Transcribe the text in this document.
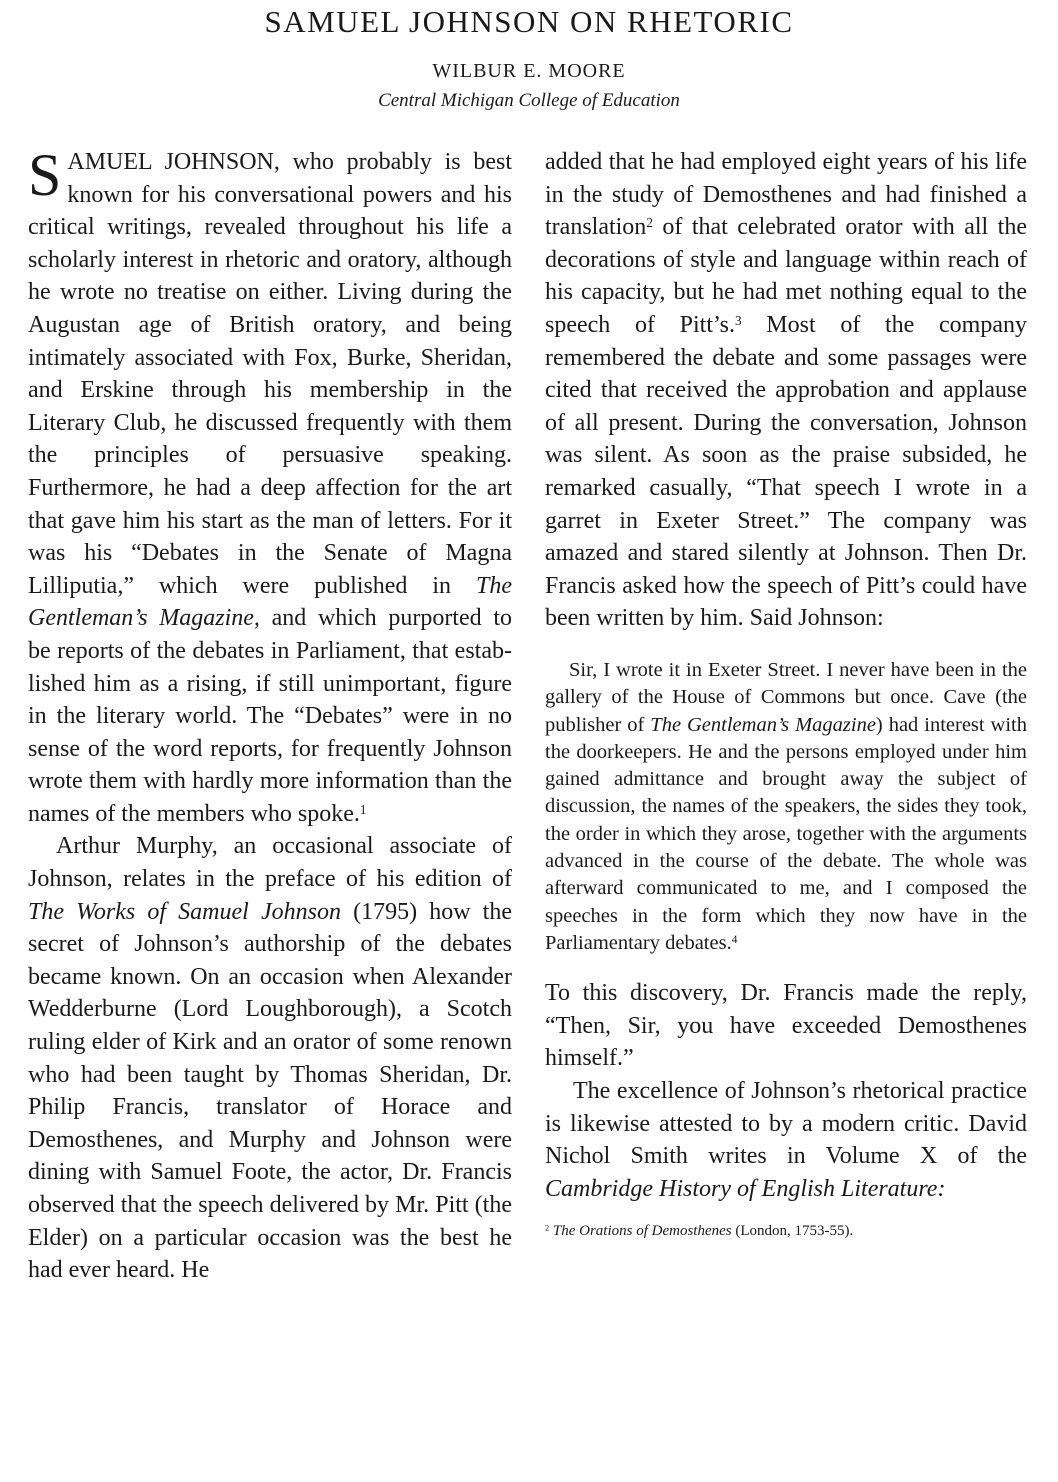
SAMUEL JOHNSON ON RHETORIC
WILBUR E. MOORE
Central Michigan College of Education

SAMUEL JOHNSON, who probably is best known for his conversational powers and his critical writings, revealed throughout his life a scholarly interest in rhetoric and oratory, although he wrote no treatise on either. Living during the Augustan age of British oratory, and being intimately associated with Fox, Burke, Sheridan, and Erskine through his membership in the Literary Club, he discussed frequently with them the principles of persuasive speaking. Furthermore, he had a deep affection for the art that gave him his start as the man of letters. For it was his “Debates in the Senate of Magna Lilliputia,” which were published in The Gentleman’s Magazine, and which purported to be reports of the debates in Parliament, that established him as a rising, if still unimportant, figure in the literary world. The “Debates” were in no sense of the word reports, for frequently Johnson wrote them with hardly more information than the names of the members who spoke.$^1$

Arthur Murphy, an occasional associate of Johnson, relates in the preface of his edition of The Works of Samuel Johnson (1795) how the secret of Johnson’s authorship of the debates became known. On an occasion when Alexander Wedderburne (Lord Loughborough), a Scotch ruling elder of Kirk and an orator of some renown who had been taught by Thomas Sheridan, Dr. Philip Francis, translator of Horace and Demosthenes, and Murphy and Johnson were dining with Samuel Foote, the actor, Dr. Francis observed that the speech delivered by Mr. Pitt (the Elder) on a particular occasion was the best he had ever heard. He

added that he had employed eight years of his life in the study of Demosthenes and had finished a translation$^2$ of that celebrated orator with all the decorations of style and language within reach of his capacity, but he had met nothing equal to the speech of Pitt’s.$^3$ Most of the company remembered the debate and some passages were cited that received the approbation and applause of all present. During the conversation, Johnson was silent. As soon as the praise subsided, he remarked casually, “That speech I wrote in a garret in Exeter Street.” The company was amazed and stared silently at Johnson. Then Dr. Francis asked how the speech of Pitt’s could have been written by him. Said Johnson:

Sir, I wrote it in Exeter Street. I never have been in the gallery of the House of Commons but once. Cave (the publisher of The Gentleman’s Magazine) had interest with the doorkeepers. He and the persons employed under him gained admittance and brought away the subject of discussion, the names of the speakers, the sides they took, the order in which they arose, together with the arguments advanced in the course of the debate. The whole was afterward communicated to me, and I composed the speeches in the form which they now have in the Parliamentary debates.$^4$

To this discovery, Dr. Francis made the reply, “Then, Sir, you have exceeded Demosthenes himself.”

The excellence of Johnson’s rhetorical practice is likewise attested to by a modern critic. David Nichol Smith writes in Volume X of the Cambridge History of English Literature:

$^2$ The Orations of Demosthenes (London, 1753-55).
